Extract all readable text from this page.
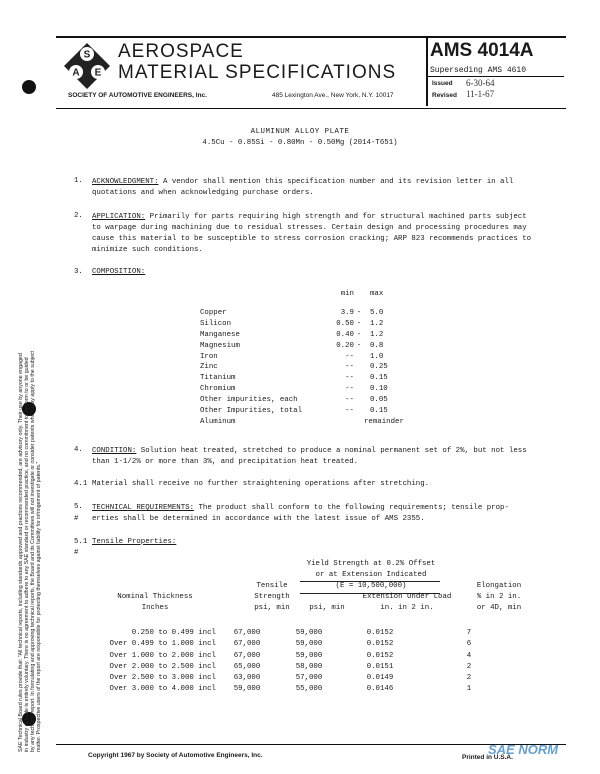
SAE Technical Board rules provide that: "All technical reports, including standards approved and practices recommended, are advisory only. Their use by anyone engaged in industry or trade is entirely voluntary. There is no agreement to adhere to any SAE standard or recommended practice, and no commitment to conform to or be guided by any technical report. In formulating and approving technical reports, the Board and its Committees will not investigate or consider patents which may apply to the subject matter. Prospective users of the report are responsible for protecting themselves against liability for infringement of patents."
S
A E
AEROSPACE
MATERIAL SPECIFICATIONS
SOCIETY OF AUTOMOTIVE ENGINEERS, Inc.	485 Lexington Ave., New York, N.Y. 10017
AMS 4014A
Superseding AMS 4610
Issued 6-30-64
Revised 11-1-67
ALUMINUM ALLOY PLATE
4.5Cu - 0.85Si - 0.80Mn - 0.50Mg (2014-T651)
1. ACKNOWLEDGMENT: A vendor shall mention this specification number and its revision letter in all
quotations and when acknowledging purchase orders.
2. APPLICATION: Primarily for parts requiring high strength and for structural machined parts subject
to warpage during machining due to residual stresses. Certain design and processing procedures may
cause this material to be susceptible to stress corrosion cracking; ARP 823 recommends practices to
minimize such conditions.
3. COMPOSITION:
	min		max

Copper	3.9	-	5.0
Silicon	0.50	-	1.2
Manganese	0.40	-	1.2
Magnesium	0.20	-	0.8
Iron	--		1.0
Zinc	--		0.25
Titanium	--		0.15
Chromium	--		0.10
Other impurities, each	--		0.05
Other Impurities, total	--		0.15
Aluminum			remainder
4. CONDITION: Solution heat treated, stretched to produce a nominal permanent set of 2%, but not less
than 1-1/2% or more than 3%, and precipitation heat treated.
4.1 Material shall receive no further straightening operations after stretching.
5.
#
TECHNICAL REQUIREMENTS: The product shall conform to the following requirements; tensile prop-
erties shall be determined in accordance with the latest issue of AMS 2355.
5.1
#
Tensile Properties:
Yield Strength at 0.2% Offset
or at Extension Indicated
(E = 10,500,000)
Tensile
Strength
psi, min
Nominal Thickness
Inches	psi, min
Extension Under Load
in. in 2 in.
Elongation
% in 2 in.
or 4D, min
0.250 to 0.499 incl	67,000	59,000	0.0152	7
Over 0.499 to 1.000 incl	67,000	59,000	0.0152	6
Over 1.000 to 2.000 incl	67,000	59,000	0.0152	4
Over 2.000 to 2.500 incl	65,000	58,000	0.0151	2
Over 2.500 to 3.000 incl	63,000	57,000	0.0149	2
Over 3.000 to 4.000 incl	59,000	55,000	0.0146	1
Copyright 1967 by Society of Automotive Engineers, Inc.	Printed in U.S.A.
SAE NORM
